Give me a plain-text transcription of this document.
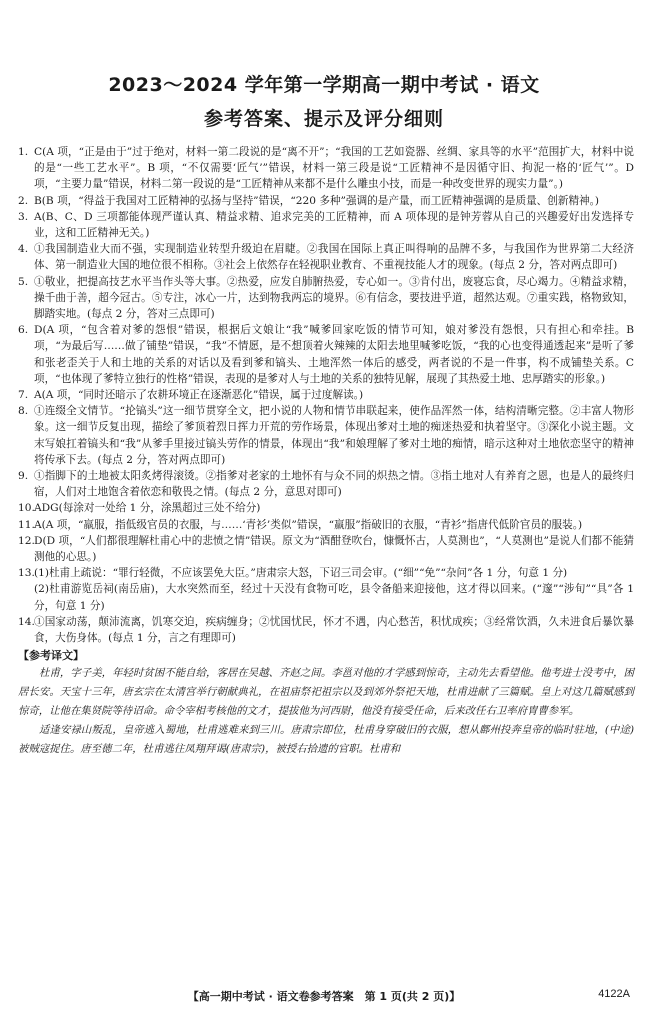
2023～2024 学年第一学期高一期中考试 · 语文
参考答案、提示及评分细则

1. C(A 项，“正是由于”过于绝对，材料一第二段说的是“离不开”；“我国的工艺如瓷器、丝绸、家具等的水平”范围扩大，材料中说的是“一些工艺水平”。B 项，“不仅需要‘匠气’”错误，材料一第三段是说“工匠精神不是因循守旧、拘泥一格的‘匠气’”。D 项，“主要力量”错误，材料二第一段说的是“工匠精神从来都不是什么雕虫小技，而是一种改变世界的现实力量”。)

2. B(B 项，“得益于我国对工匠精神的弘扬与坚持”错误，“220 多种”强调的是产量，而工匠精神强调的是质量、创新精神。)

3. A(B、C、D 三项都能体现严谨认真、精益求精、追求完美的工匠精神，而 A 项体现的是钟芳蓉从自己的兴趣爱好出发选择专业，这和工匠精神无关。)

4. ①我国制造业大而不强，实现制造业转型升级迫在眉睫。②我国在国际上真正叫得响的品牌不多，与我国作为世界第二大经济体、第一制造业大国的地位很不相称。③社会上依然存在轻视职业教育、不重视技能人才的现象。(每点 2 分，答对两点即可)

5. ①敬业，把提高技艺水平当作头等大事。②热爱，应发自肺腑热爱，专心如一。③肯付出，废寝忘食，尽心竭力。④精益求精，操千曲于善，超今冠古。⑤专注，冰心一片，达到物我两忘的境界。⑥有信念，要技进乎道，超然达观。⑦重实践，格物致知，脚踏实地。(每点 2 分，答对三点即可)

6. D(A 项，“包含着对爹的怨恨”错误，根据后文娘让“我”喊爹回家吃饭的情节可知，娘对爹没有怨恨，只有担心和牵挂。B 项，“为最后写……做了铺垫”错误，“我”不情愿，是不想顶着火辣辣的太阳去地里喊爹吃饭，“我的心也变得通透起来”是听了爹和张老歪关于人和土地的关系的对话以及看到爹和镐头、土地浑然一体后的感受，两者说的不是一件事，构不成铺垫关系。C 项，“也体现了爹特立独行的性格”错误，表现的是爹对人与土地的关系的独特见解，展现了其热爱土地、忠厚踏实的形象。)

7. A(A 项，“同时还暗示了农耕环境正在逐渐恶化”错误，属于过度解读。)

8. ①连缀全文情节。“抡镐头”这一细节贯穿全文，把小说的人物和情节串联起来，使作品浑然一体，结构清晰完整。②丰富人物形象。这一细节反复出现，描绘了爹顶着烈日挥力开荒的劳作场景，体现出爹对土地的痴迷热爱和执着坚守。③深化小说主题。文末写娘扛着镐头和“我”从爹手里接过镐头劳作的情景，体现出“我”和娘理解了爹对土地的痴情，暗示这种对土地依恋坚守的精神将传承下去。(每点 2 分，答对两点即可)

9. ①指脚下的土地被太阳炙烤得滚烫。②指爹对老家的土地怀有与众不同的炽热之情。③指土地对人有养育之恩，也是人的最终归宿，人们对土地饱含着依恋和敬畏之情。(每点 2 分，意思对即可)

10. ADG(每涂对一处给 1 分，涂黑超过三处不给分)

11. A(A 项，“羸服，指低级官员的衣服，与……‘青衫’类似”错误，“羸服”指破旧的衣服，“青衫”指唐代低阶官员的服装。)

12. D(D 项，“人们都很理解杜甫心中的悲愤之情”错误。原文为“酒酣登吹台，慷慨怀古，人莫测也”，“人莫测也”是说人们都不能猜测他的心思。)

13. (1)杜甫上疏说：“罪行轻微，不应该罢免大臣。”唐肃宗大怒，下诏三司会审。(“细”“免”“杂问”各 1 分，句意 1 分)

(2)杜甫游览岳祠(南岳庙)，大水突然而至，经过十天没有食物可吃，县令备船来迎接他，这才得以回来。(“邃”“涉旬”“具”各 1 分，句意 1 分)

14. ①国家动荡，颠沛流离，饥寒交迫，疾病缠身；②忧国忧民，怀才不遇，内心愁苦，积忧成疾；③经常饮酒，久未进食后暴饮暴食，大伤身体。(每点 1 分，言之有理即可)

【参考译文】

杜甫，字子美，年轻时贫困不能自给，客居在吴越、齐赵之间。李邕对他的才学感到惊奇，主动先去看望他。他考进士没考中，困居长安。天宝十三年，唐玄宗在太清宫举行朝献典礼，在祖庙祭祀祖宗以及到郊外祭祀天地，杜甫进献了三篇赋。皇上对这几篇赋感到惊奇，让他在集贤院等待诏命。命令宰相考核他的文才，提拔他为河西尉，他没有接受任命，后来改任右卫率府胄曹参军。

适逢安禄山叛乱，皇帝逃入蜀地，杜甫逃难来到三川。唐肃宗即位，杜甫身穿破旧的衣服，想从鄜州投奔皇帝的临时驻地，(中途)被贼寇捉住。唐至德二年，杜甫逃往凤翔拜谒(唐肃宗)，被授右拾遗的官职。杜甫和

【高一期中考试 · 语文卷参考答案　第 1 页(共 2 页)】	4122A
